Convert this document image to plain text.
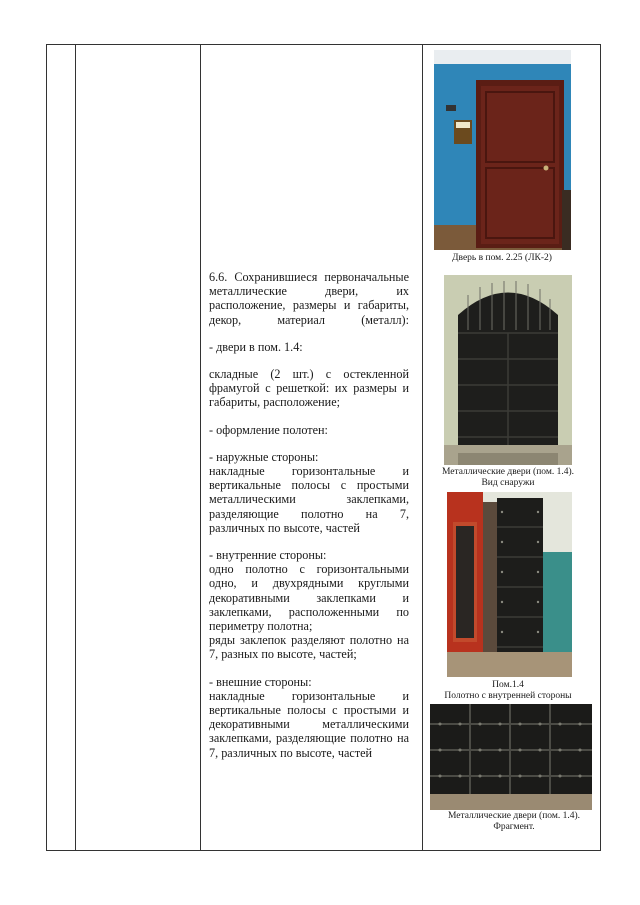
6.6. Сохранившиеся первоначальные металлические двери, их расположение, размеры и габариты, декор, материал (металл):

- двери в пом. 1.4:

складные (2 шт.) с остекленной фрамугой с решеткой: их размеры и габариты, расположение;

- оформление полотен:

- наружные стороны:
накладные горизонтальные и вертикальные полосы с простыми металлическими заклепками, разделяющие полотно на 7, различных по высоте, частей

- внутренние стороны:
одно полотно с горизонтальными одно, и двухрядными круглыми декоративными заклепками и заклепками, расположенными по периметру полотна;
ряды заклепок разделяют полотно на 7, разных по высоте, частей;

- внешние стороны:
накладные горизонтальные и вертикальные полосы с простыми и декоративными металлическими заклепками, разделяющие полотно на 7, различных по высоте, частей

Дверь в пом. 2.25 (ЛК-2)
Металлические двери (пом. 1.4).
Вид снаружи
Пом.1.4
Полотно с внутренней стороны
Металлические двери (пом. 1.4).
Фрагмент.
